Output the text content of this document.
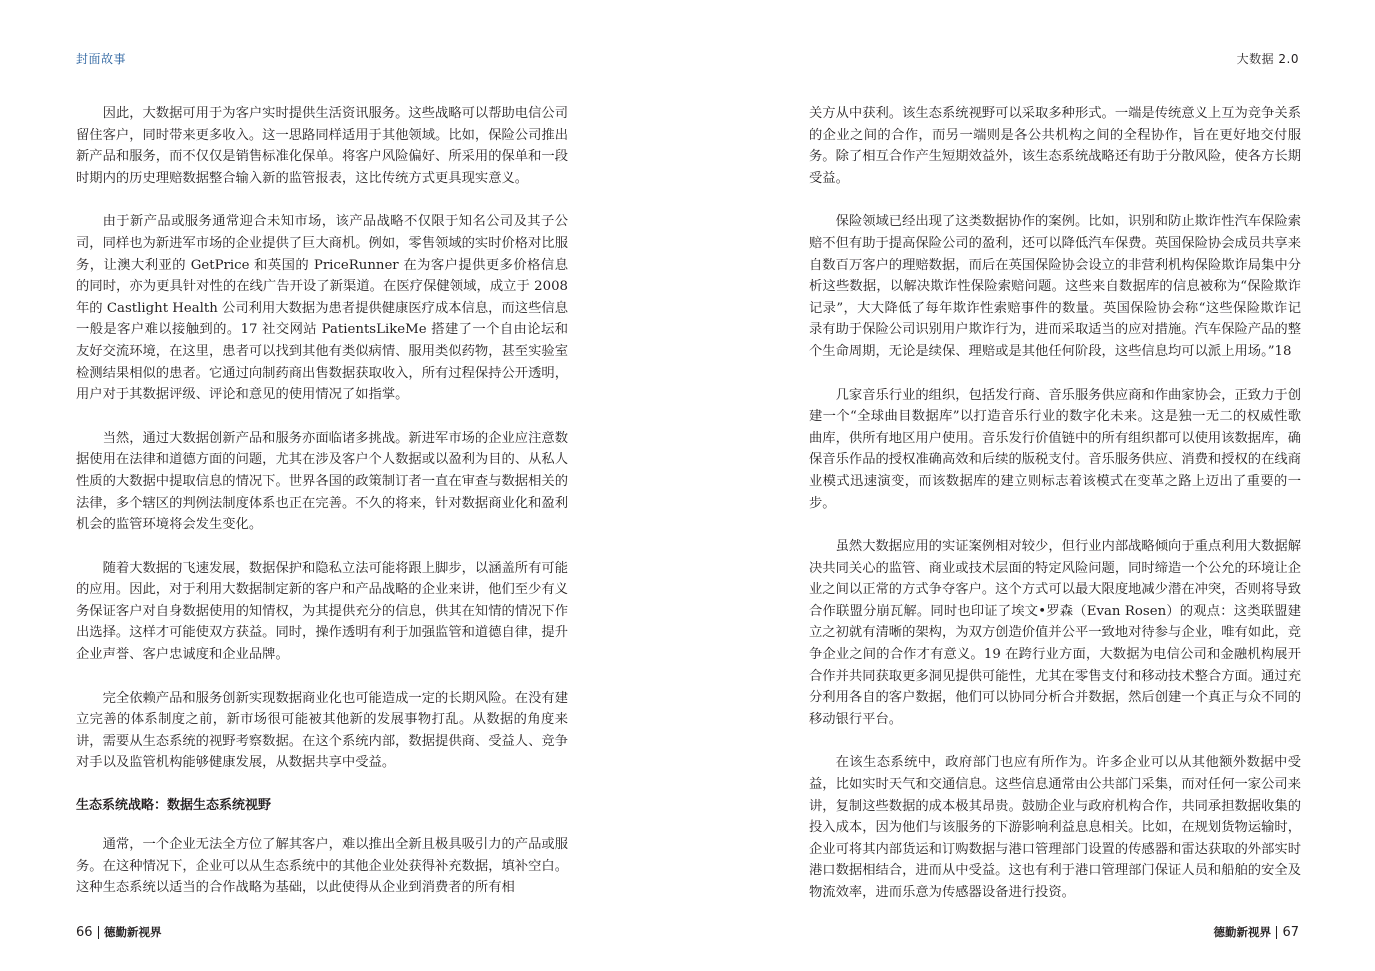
封面故事

因此，大数据可用于为客户实时提供生活资讯服务。这些战略可以帮助电信公司留住客户，同时带来更多收入。这一思路同样适用于其他领域。比如，保险公司推出新产品和服务，而不仅仅是销售标准化保单。将客户风险偏好、所采用的保单和一段时期内的历史理赔数据整合输入新的监管报表，这比传统方式更具现实意义。

由于新产品或服务通常迎合未知市场，该产品战略不仅限于知名公司及其子公司，同样也为新进军市场的企业提供了巨大商机。例如，零售领域的实时价格对比服务，让澳大利亚的 GetPrice 和英国的 PriceRunner 在为客户提供更多价格信息的同时，亦为更具针对性的在线广告开设了新渠道。在医疗保健领域，成立于 2008 年的 Castlight Health 公司利用大数据为患者提供健康医疗成本信息，而这些信息一般是客户难以接触到的。17 社交网站 PatientsLikeMe 搭建了一个自由论坛和友好交流环境，在这里，患者可以找到其他有类似病情、服用类似药物，甚至实验室检测结果相似的患者。它通过向制药商出售数据获取收入，所有过程保持公开透明，用户对于其数据评级、评论和意见的使用情况了如指掌。

当然，通过大数据创新产品和服务亦面临诸多挑战。新进军市场的企业应注意数据使用在法律和道德方面的问题，尤其在涉及客户个人数据或以盈利为目的、从私人性质的大数据中提取信息的情况下。世界各国的政策制订者一直在审查与数据相关的法律，多个辖区的判例法制度体系也正在完善。不久的将来，针对数据商业化和盈利机会的监管环境将会发生变化。

随着大数据的飞速发展，数据保护和隐私立法可能将跟上脚步，以涵盖所有可能的应用。因此，对于利用大数据制定新的客户和产品战略的企业来讲，他们至少有义务保证客户对自身数据使用的知情权，为其提供充分的信息，供其在知情的情况下作出选择。这样才可能使双方获益。同时，操作透明有利于加强监管和道德自律，提升企业声誉、客户忠诚度和企业品牌。

完全依赖产品和服务创新实现数据商业化也可能造成一定的长期风险。在没有建立完善的体系制度之前，新市场很可能被其他新的发展事物打乱。从数据的角度来讲，需要从生态系统的视野考察数据。在这个系统内部，数据提供商、受益人、竞争对手以及监管机构能够健康发展，从数据共享中受益。

生态系统战略：数据生态系统视野

通常，一个企业无法全方位了解其客户，难以推出全新且极具吸引力的产品或服务。在这种情况下，企业可以从生态系统中的其他企业处获得补充数据，填补空白。这种生态系统以适当的合作战略为基础，以此使得从企业到消费者的所有相

66 德勤新视界
大数据 2.0

关方从中获利。该生态系统视野可以采取多种形式。一端是传统意义上互为竞争关系的企业之间的合作，而另一端则是各公共机构之间的全程协作，旨在更好地交付服务。除了相互合作产生短期效益外，该生态系统战略还有助于分散风险，使各方长期受益。

保险领域已经出现了这类数据协作的案例。比如，识别和防止欺诈性汽车保险索赔不但有助于提高保险公司的盈利，还可以降低汽车保费。英国保险协会成员共享来自数百万客户的理赔数据，而后在英国保险协会设立的非营利机构保险欺诈局集中分析这些数据，以解决欺诈性保险索赔问题。这些来自数据库的信息被称为“保险欺诈记录”，大大降低了每年欺诈性索赔事件的数量。英国保险协会称“这些保险欺诈记录有助于保险公司识别用户欺诈行为，进而采取适当的应对措施。汽车保险产品的整个生命周期，无论是续保、理赔或是其他任何阶段，这些信息均可以派上用场。”18

几家音乐行业的组织，包括发行商、音乐服务供应商和作曲家协会，正致力于创建一个“全球曲目数据库”以打造音乐行业的数字化未来。这是独一无二的权威性歌曲库，供所有地区用户使用。音乐发行价值链中的所有组织都可以使用该数据库，确保音乐作品的授权准确高效和后续的版税支付。音乐服务供应、消费和授权的在线商业模式迅速演变，而该数据库的建立则标志着该模式在变革之路上迈出了重要的一步。

虽然大数据应用的实证案例相对较少，但行业内部战略倾向于重点利用大数据解决共同关心的监管、商业或技术层面的特定风险问题，同时缔造一个公允的环境让企业之间以正常的方式争夺客户。这个方式可以最大限度地减少潜在冲突，否则将导致合作联盟分崩瓦解。同时也印证了埃文•罗森（Evan Rosen）的观点：这类联盟建立之初就有清晰的架构，为双方创造价值并公平一致地对待参与企业，唯有如此，竞争企业之间的合作才有意义。19 在跨行业方面，大数据为电信公司和金融机构展开合作并共同获取更多洞见提供可能性，尤其在零售支付和移动技术整合方面。通过充分利用各自的客户数据，他们可以协同分析合并数据，然后创建一个真正与众不同的移动银行平台。

在该生态系统中，政府部门也应有所作为。许多企业可以从其他额外数据中受益，比如实时天气和交通信息。这些信息通常由公共部门采集，而对任何一家公司来讲，复制这些数据的成本极其昂贵。鼓励企业与政府机构合作，共同承担数据收集的投入成本，因为他们与该服务的下游影响利益息息相关。比如，在规划货物运输时，企业可将其内部货运和订购数据与港口管理部门设置的传感器和雷达获取的外部实时港口数据相结合，进而从中受益。这也有利于港口管理部门保证人员和船舶的安全及物流效率，进而乐意为传感器设备进行投资。

德勤新视界 67
